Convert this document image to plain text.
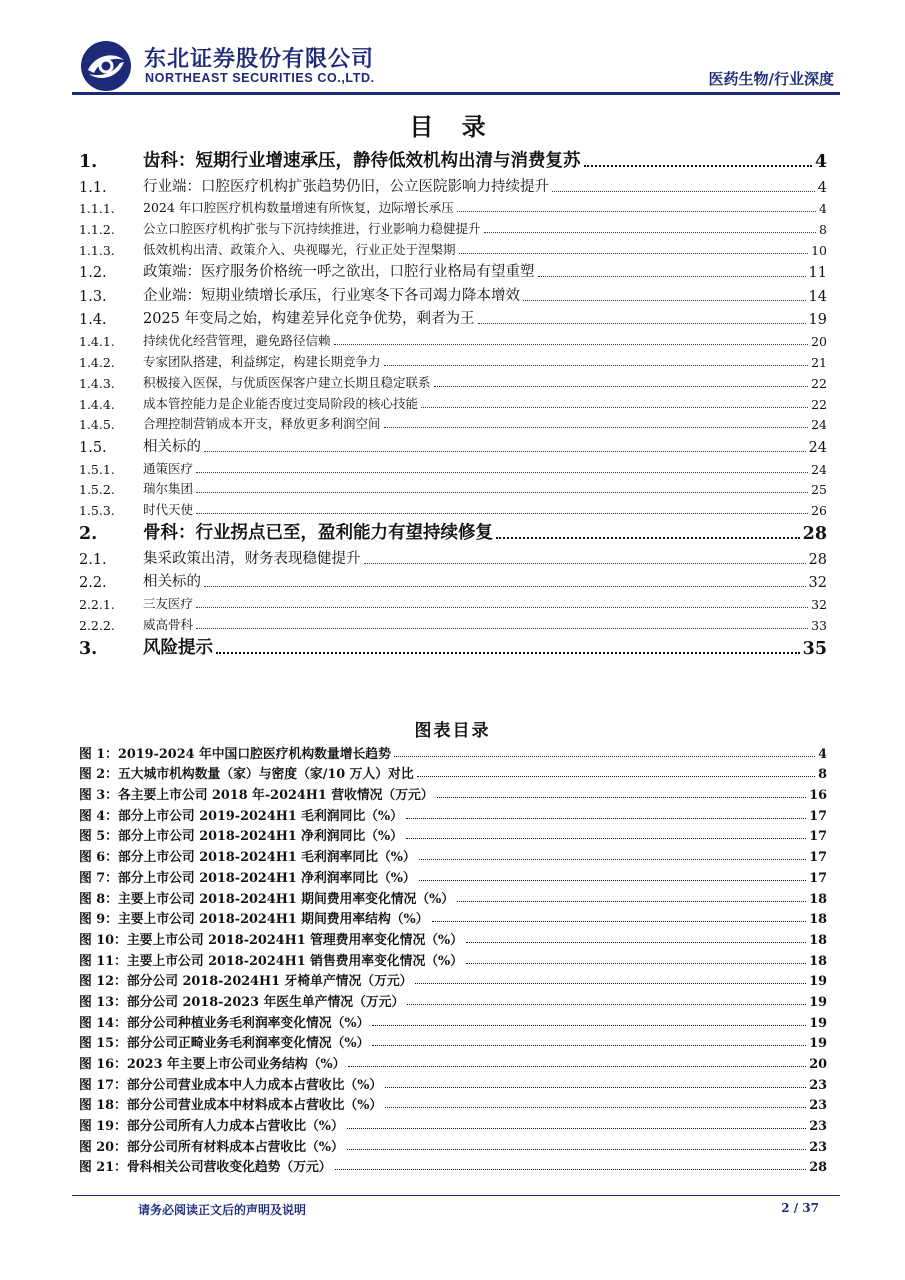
东北证券股份有限公司
NORTHEAST SECURITIES CO.,LTD.	医药生物/行业深度
目 录
1.	齿科：短期行业增速承压，静待低效机构出清与消费复苏	4
1.1.	行业端：口腔医疗机构扩张趋势仍旧，公立医院影响力持续提升	4
1.1.1.	2024 年口腔医疗机构数量增速有所恢复，边际增长承压	4
1.1.2.	公立口腔医疗机构扩张与下沉持续推进，行业影响力稳健提升	8
1.1.3.	低效机构出清、政策介入、央视曝光，行业正处于涅槃期	10
1.2.	政策端：医疗服务价格统一呼之欲出，口腔行业格局有望重塑	11
1.3.	企业端：短期业绩增长承压，行业寒冬下各司竭力降本增效	14
1.4.	2025 年变局之始，构建差异化竞争优势，剩者为王	19
1.4.1.	持续优化经营管理，避免路径信赖	20
1.4.2.	专家团队搭建，利益绑定，构建长期竞争力	21
1.4.3.	积极接入医保，与优质医保客户建立长期且稳定联系	22
1.4.4.	成本管控能力是企业能否度过变局阶段的核心技能	22
1.4.5.	合理控制营销成本开支，释放更多利润空间	24
1.5.	相关标的	24
1.5.1.	通策医疗	24
1.5.2.	瑞尔集团	25
1.5.3.	时代天使	26
2.	骨科：行业拐点已至，盈利能力有望持续修复	28
2.1.	集采政策出清，财务表现稳健提升	28
2.2.	相关标的	32
2.2.1.	三友医疗	32
2.2.2.	威高骨科	33
3.	风险提示	35
图表目录
图 1：2019-2024 年中国口腔医疗机构数量增长趋势	4
图 2：五大城市机构数量（家）与密度（家/10 万人）对比	8
图 3：各主要上市公司 2018 年-2024H1 营收情况（万元）	16
图 4：部分上市公司 2019-2024H1 毛利润同比（%）	17
图 5：部分上市公司 2018-2024H1 净利润同比（%）	17
图 6：部分上市公司 2018-2024H1 毛利润率同比（%）	17
图 7：部分上市公司 2018-2024H1 净利润率同比（%）	17
图 8：主要上市公司 2018-2024H1 期间费用率变化情况（%）	18
图 9：主要上市公司 2018-2024H1 期间费用率结构（%）	18
图 10：主要上市公司 2018-2024H1 管理费用率变化情况（%）	18
图 11：主要上市公司 2018-2024H1 销售费用率变化情况（%）	18
图 12：部分公司 2018-2024H1 牙椅单产情况（万元）	19
图 13：部分公司 2018-2023 年医生单产情况（万元）	19
图 14：部分公司种植业务毛利润率变化情况（%）	19
图 15：部分公司正畸业务毛利润率变化情况（%）	19
图 16：2023 年主要上市公司业务结构（%）	20
图 17：部分公司营业成本中人力成本占营收比（%）	23
图 18：部分公司营业成本中材料成本占营收比（%）	23
图 19：部分公司所有人力成本占营收比（%）	23
图 20：部分公司所有材料成本占营收比（%）	23
图 21：骨科相关公司营收变化趋势（万元）	28
请务必阅读正文后的声明及说明	2 / 37
